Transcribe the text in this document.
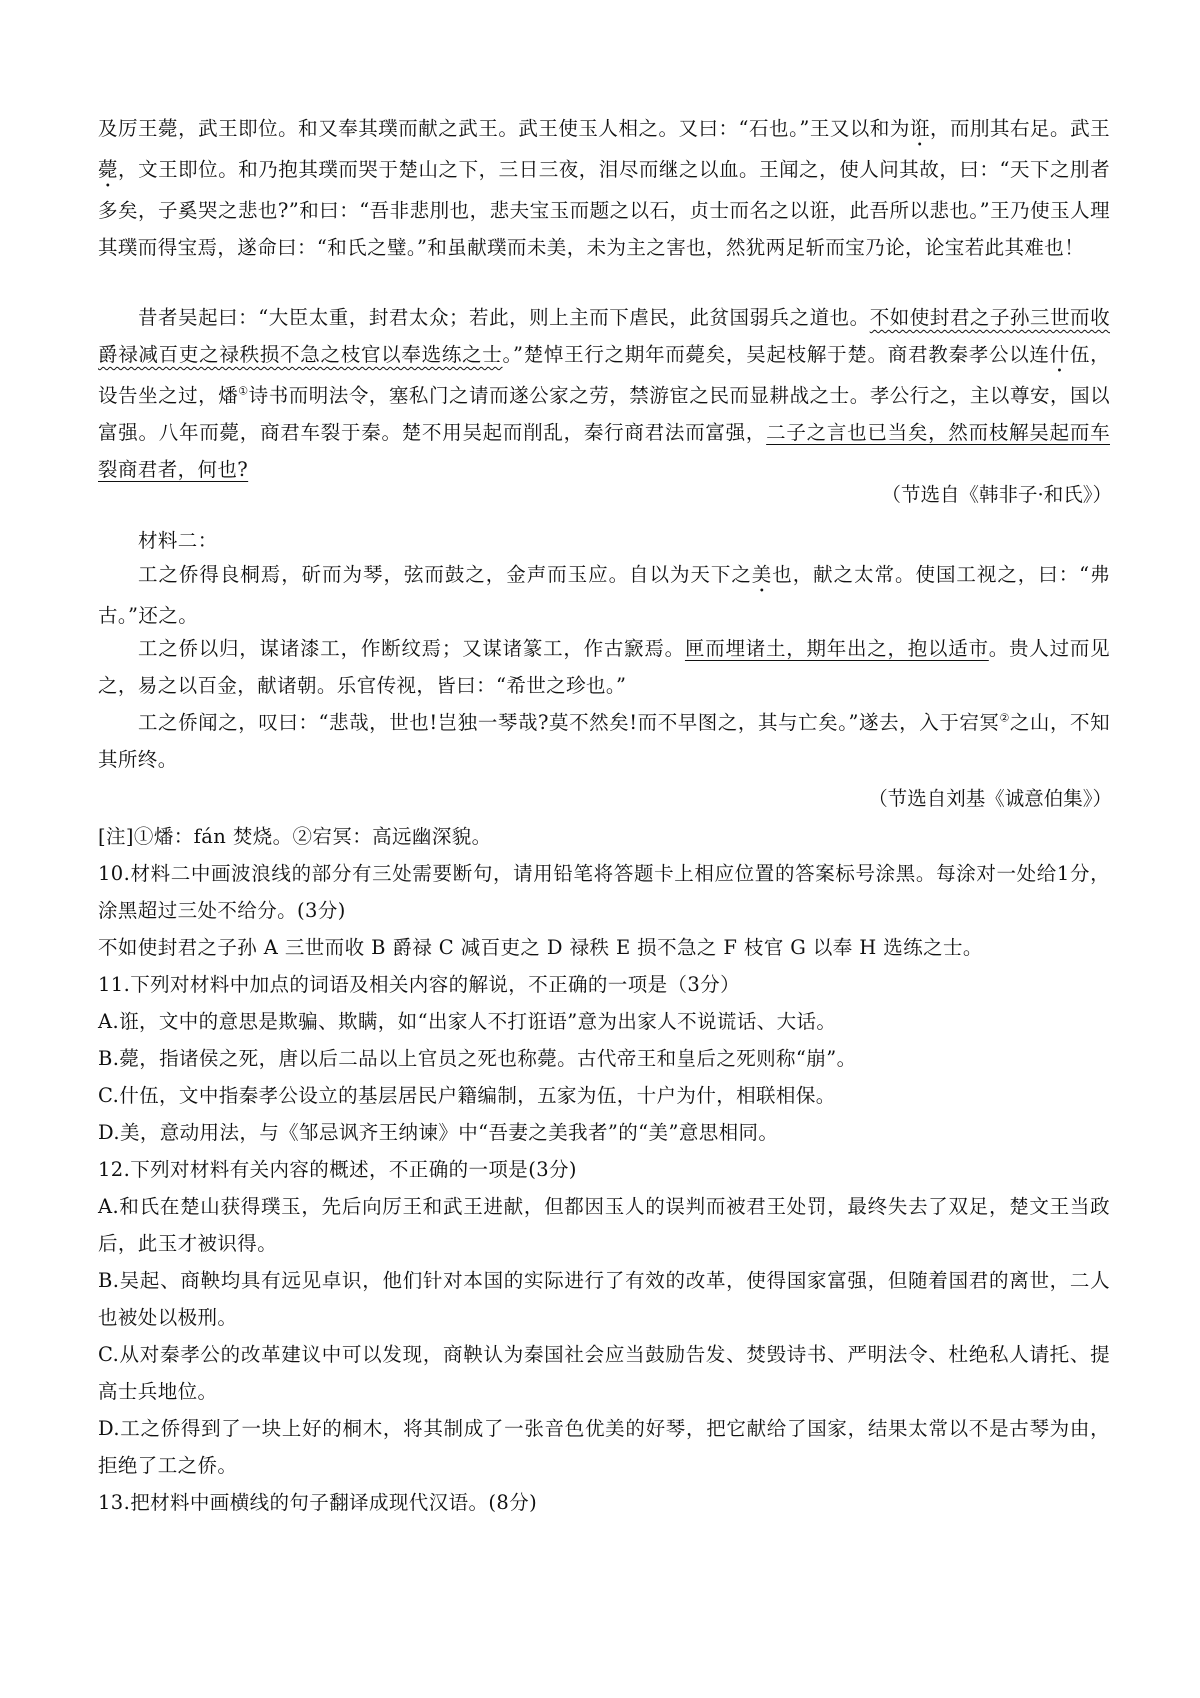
及厉王薨，武王即位。和又奉其璞而献之武王。武王使玉人相之。又曰：“石也。”王又以和为诳，而刖其右足。武王薨，文王即位。和乃抱其璞而哭于楚山之下，三日三夜，泪尽而继之以血。王闻之，使人问其故，曰：“天下之刖者多矣，子奚哭之悲也?”和曰：“吾非悲刖也，悲夫宝玉而题之以石，贞士而名之以诳，此吾所以悲也。”王乃使玉人理其璞而得宝焉，遂命曰：“和氏之璧。”和虽献璞而未美，未为主之害也，然犹两足斩而宝乃论，论宝若此其难也！

昔者吴起曰：“大臣太重，封君太众；若此，则上主而下虐民，此贫国弱兵之道也。不如使封君之子孙三世而收爵禄减百吏之禄秩损不急之枝官以奉选练之士。”楚悼王行之期年而薨矣，吴起枝解于楚。商君教秦孝公以连什伍，设告坐之过，燔①诗书而明法令，塞私门之请而遂公家之劳，禁游宦之民而显耕战之士。孝公行之，主以尊安，国以富强。八年而薨，商君车裂于秦。楚不用吴起而削乱，秦行商君法而富强，二子之言也已当矣，然而枝解吴起而车裂商君者，何也?

（节选自《韩非子·和氏》）

材料二：

工之侨得良桐焉，斫而为琴，弦而鼓之，金声而玉应。自以为天下之美也，献之太常。使国工视之，曰：“弗古。”还之。

工之侨以归，谋诸漆工，作断纹焉；又谋诸篆工，作古窾焉。匣而埋诸土，期年出之，抱以适市。贵人过而见之，易之以百金，献诸朝。乐官传视，皆曰：“希世之珍也。”

工之侨闻之，叹曰：“悲哉，世也!岂独一琴哉?莫不然矣!而不早图之，其与亡矣。”遂去，入于宕冥②之山，不知其所终。

（节选自刘基《诚意伯集》）

[注]①燔：fán 焚烧。②宕冥：高远幽深貌。

10.材料二中画波浪线的部分有三处需要断句，请用铅笔将答题卡上相应位置的答案标号涂黑。每涂对一处给1分，涂黑超过三处不给分。(3分)

不如使封君之子孙 A 三世而收 B 爵禄 C 减百吏之 D 禄秩 E 损不急之 F 枝官 G 以奉 H 选练之士。

11.下列对材料中加点的词语及相关内容的解说，不正确的一项是（3分）

A.诳，文中的意思是欺骗、欺瞒，如“出家人不打诳语”意为出家人不说谎话、大话。

B.薨，指诸侯之死，唐以后二品以上官员之死也称薨。古代帝王和皇后之死则称“崩”。

C.什伍，文中指秦孝公设立的基层居民户籍编制，五家为伍，十户为什，相联相保。

D.美，意动用法，与《邹忌讽齐王纳谏》中“吾妻之美我者”的“美”意思相同。

12.下列对材料有关内容的概述，不正确的一项是(3分)

A.和氏在楚山获得璞玉，先后向厉王和武王进献，但都因玉人的误判而被君王处罚，最终失去了双足，楚文王当政后，此玉才被识得。

B.吴起、商鞅均具有远见卓识，他们针对本国的实际进行了有效的改革，使得国家富强，但随着国君的离世，二人也被处以极刑。

C.从对秦孝公的改革建议中可以发现，商鞅认为秦国社会应当鼓励告发、焚毁诗书、严明法令、杜绝私人请托、提高士兵地位。

D.工之侨得到了一块上好的桐木，将其制成了一张音色优美的好琴，把它献给了国家，结果太常以不是古琴为由，拒绝了工之侨。

13.把材料中画横线的句子翻译成现代汉语。(8分)
